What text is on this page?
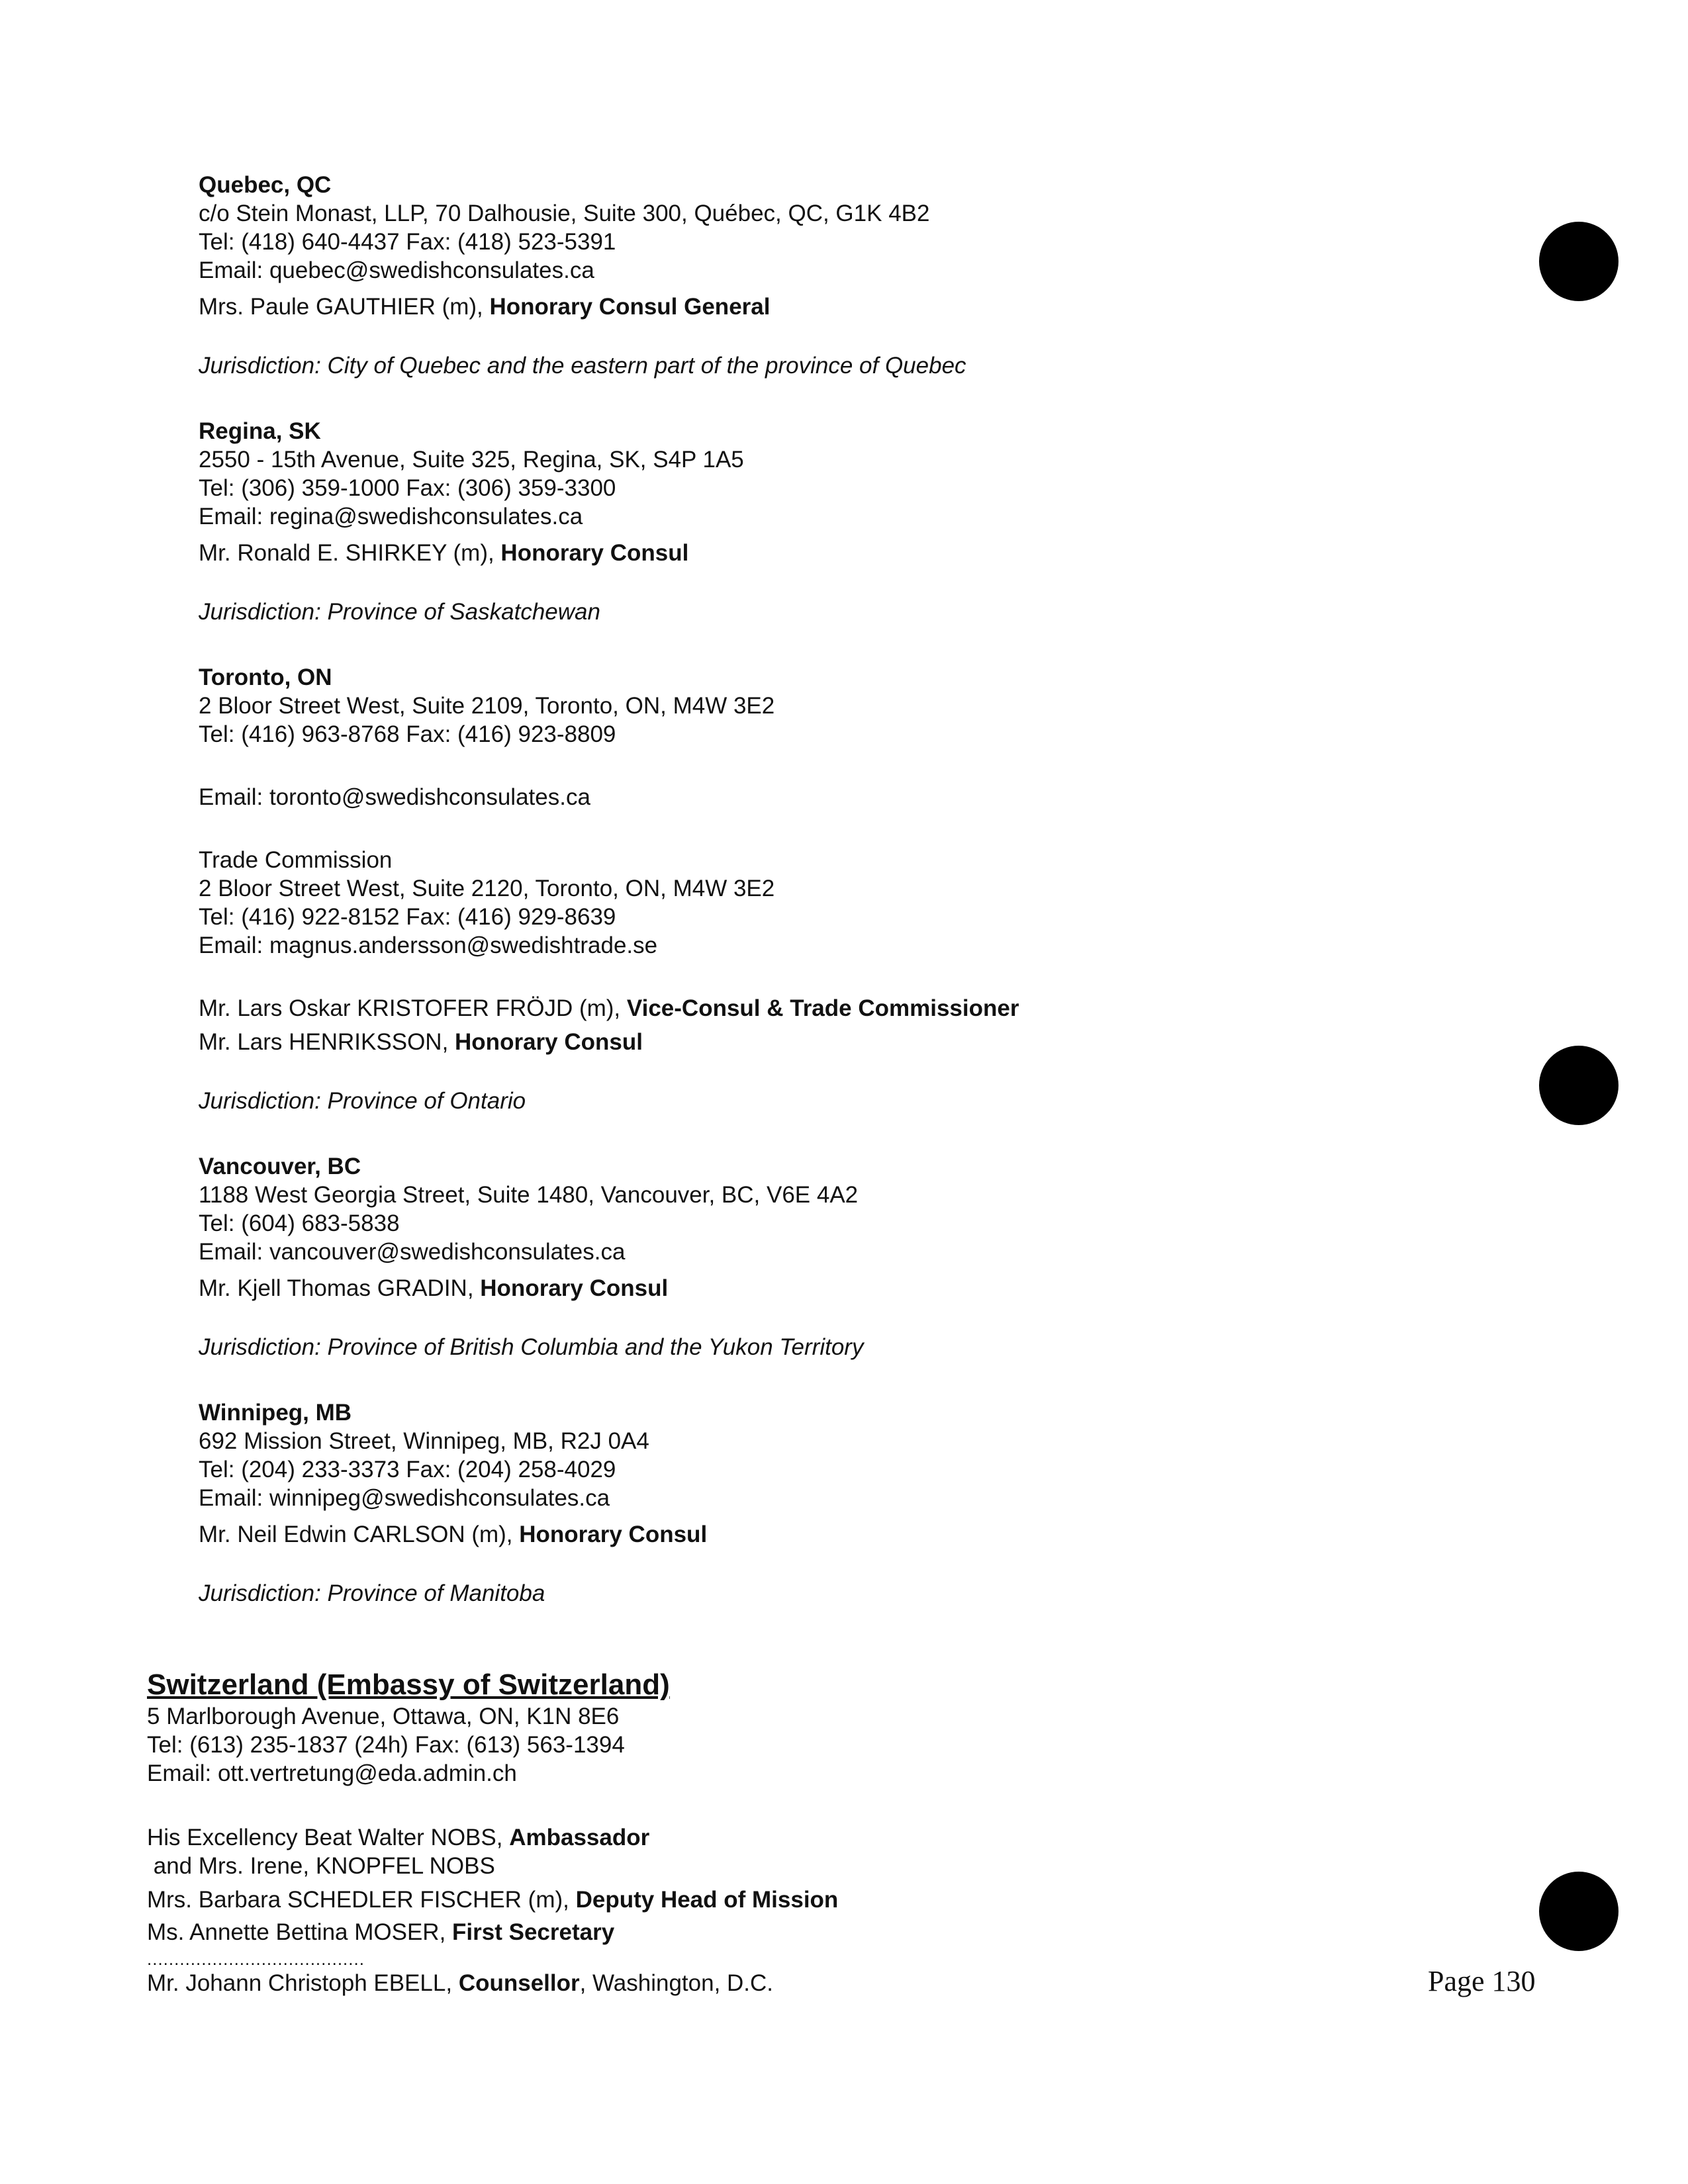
Quebec, QC
c/o Stein Monast, LLP, 70 Dalhousie, Suite 300, Québec, QC, G1K 4B2
Tel: (418) 640-4437 Fax: (418) 523-5391
Email: quebec@swedishconsulates.ca
Mrs. Paule GAUTHIER (m), Honorary Consul General
Jurisdiction: City of Quebec and the eastern part of the province of Quebec
Regina, SK
2550 - 15th Avenue, Suite 325, Regina, SK, S4P 1A5
Tel: (306) 359-1000 Fax: (306) 359-3300
Email: regina@swedishconsulates.ca
Mr. Ronald E. SHIRKEY (m), Honorary Consul
Jurisdiction: Province of Saskatchewan
Toronto, ON
2 Bloor Street West, Suite 2109, Toronto, ON, M4W 3E2
Tel: (416) 963-8768 Fax: (416) 923-8809
Email: toronto@swedishconsulates.ca
Trade Commission
2 Bloor Street West, Suite 2120, Toronto, ON, M4W 3E2
Tel: (416) 922-8152 Fax: (416) 929-8639
Email: magnus.andersson@swedishtrade.se
Mr. Lars Oskar KRISTOFER FRÖJD (m), Vice-Consul & Trade Commissioner
Mr. Lars HENRIKSSON, Honorary Consul
Jurisdiction: Province of Ontario
Vancouver, BC
1188 West Georgia Street, Suite 1480, Vancouver, BC, V6E 4A2
Tel: (604) 683-5838
Email: vancouver@swedishconsulates.ca
Mr. Kjell Thomas GRADIN, Honorary Consul
Jurisdiction: Province of British Columbia and the Yukon Territory
Winnipeg, MB
692 Mission Street, Winnipeg, MB, R2J 0A4
Tel: (204) 233-3373 Fax: (204) 258-4029
Email: winnipeg@swedishconsulates.ca
Mr. Neil Edwin CARLSON (m), Honorary Consul
Jurisdiction: Province of Manitoba
Switzerland (Embassy of Switzerland)
5 Marlborough Avenue, Ottawa, ON, K1N 8E6
Tel: (613) 235-1837 (24h) Fax: (613) 563-1394
Email: ott.vertretung@eda.admin.ch
His Excellency Beat Walter NOBS, Ambassador
and Mrs. Irene, KNOPFEL NOBS
Mrs. Barbara SCHEDLER FISCHER (m), Deputy Head of Mission
Ms. Annette Bettina MOSER, First Secretary
........................................
Mr. Johann Christoph EBELL, Counsellor, Washington, D.C.	Page 130
